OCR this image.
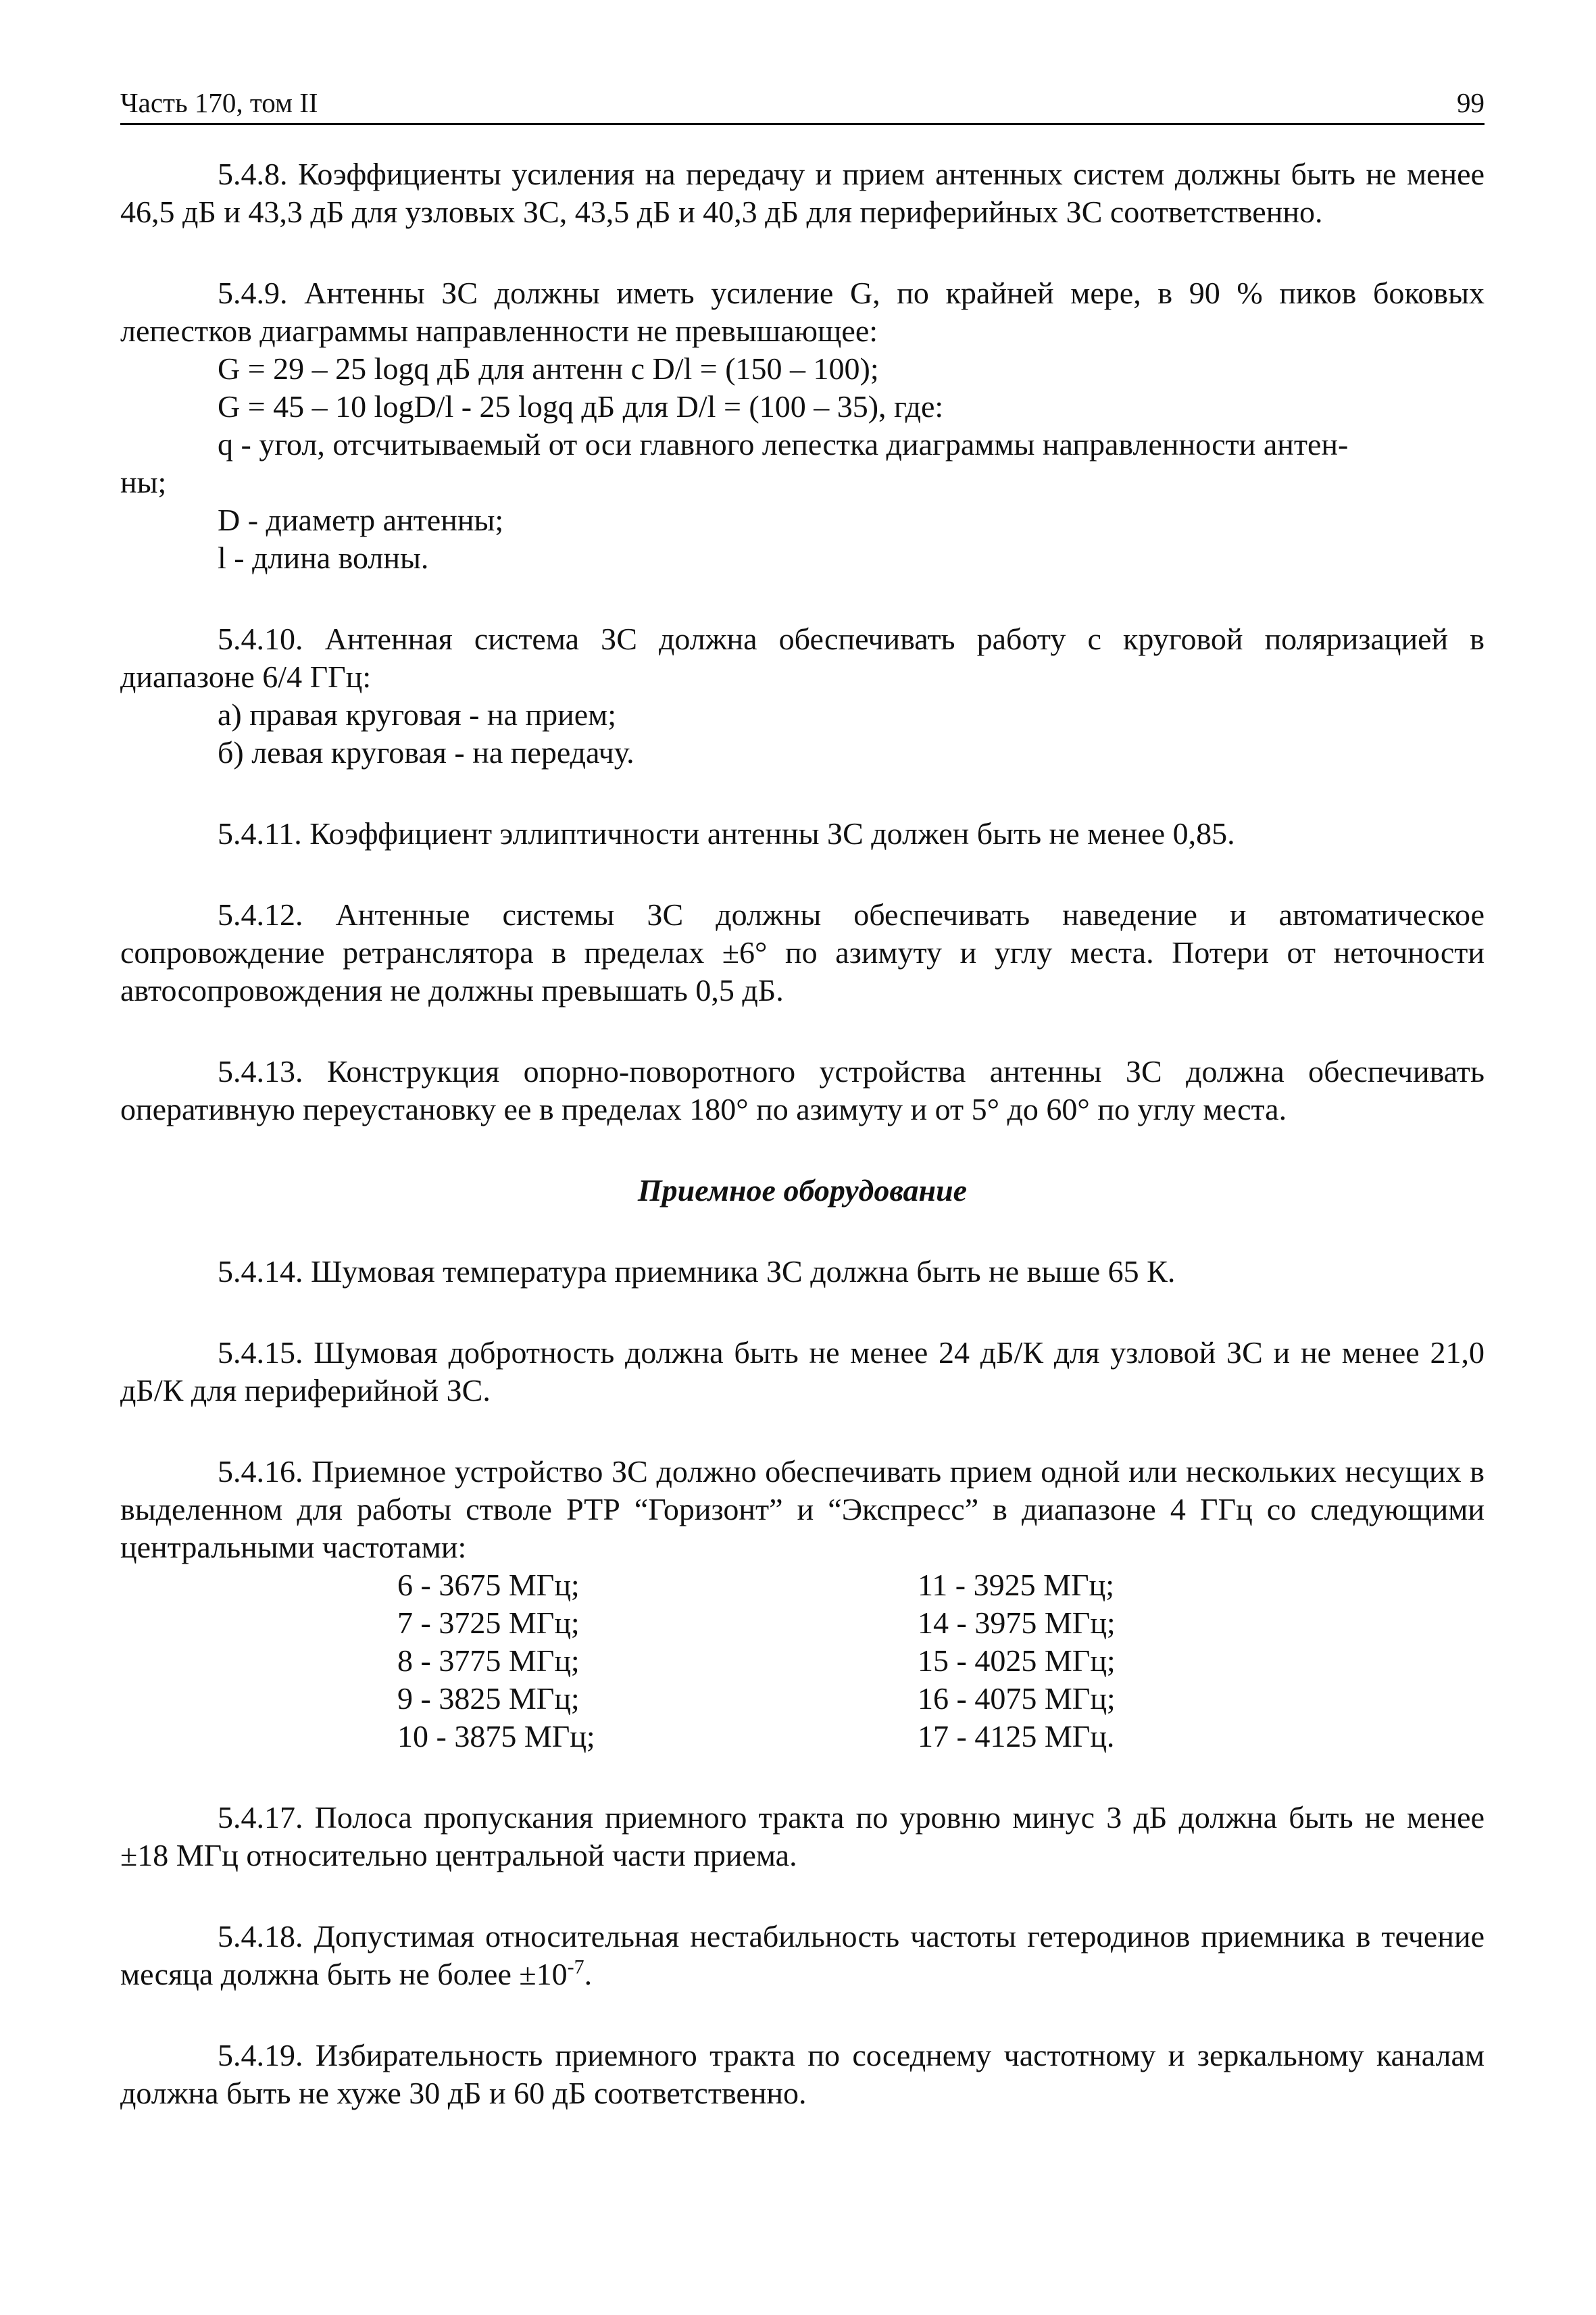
Часть 170, том II	99

5.4.8. Коэффициенты усиления на передачу и прием антенных систем должны быть не менее 46,5 дБ и 43,3 дБ для узловых ЗС, 43,5 дБ и 40,3 дБ для периферийных ЗС соответственно.

5.4.9. Антенны ЗС должны иметь усиление G, по крайней мере, в 90 % пиков боковых лепестков диаграммы направленности не превышающее:

G = 29 – 25 logq дБ для антенн с D/l = (150 – 100);

G = 45 – 10 logD/l - 25 logq дБ для D/l = (100 – 35), где:

q - угол, отсчитываемый от оси главного лепестка диаграммы направленности антен-

ны;

D - диаметр антенны;

l - длина волны.

5.4.10. Антенная система ЗС должна обеспечивать работу с круговой поляризацией в диапазоне 6/4 ГГц:

а) правая круговая - на прием;

б) левая круговая - на передачу.

5.4.11. Коэффициент эллиптичности антенны ЗС должен быть не менее 0,85.

5.4.12. Антенные системы ЗС должны обеспечивать наведение и автоматическое сопровождение ретранслятора в пределах ±6° по азимуту и углу места. Потери от неточности автосопровождения не должны превышать 0,5 дБ.

5.4.13. Конструкция опорно-поворотного устройства антенны ЗС должна обеспечивать оперативную переустановку ее в пределах 180° по азимуту и от 5° до 60° по углу места.

Приемное оборудование

5.4.14. Шумовая температура приемника ЗС должна быть не выше 65 К.

5.4.15. Шумовая добротность должна быть не менее 24 дБ/К для узловой ЗС и не менее 21,0 дБ/К для периферийной ЗС.

5.4.16. Приемное устройство ЗС должно обеспечивать прием одной или нескольких несущих в выделенном для работы стволе РТР “Горизонт” и “Экспресс” в диапазоне 4 ГГц со следующими центральными частотами:

6 - 3675 МГц;	11 - 3925 МГц;
7 - 3725 МГц;	14 - 3975 МГц;
8 - 3775 МГц;	15 - 4025 МГц;
9 - 3825 МГц;	16 - 4075 МГц;
10 - 3875 МГц;	17 - 4125 МГц.

5.4.17. Полоса пропускания приемного тракта по уровню минус 3 дБ должна быть не менее ±18 МГц относительно центральной части приема.

5.4.18. Допустимая относительная нестабильность частоты гетеродинов приемника в течение месяца должна быть не более $\pm 10^{-7}$.

5.4.19. Избирательность приемного тракта по соседнему частотному и зеркальному каналам должна быть не хуже 30 дБ и 60 дБ соответственно.
